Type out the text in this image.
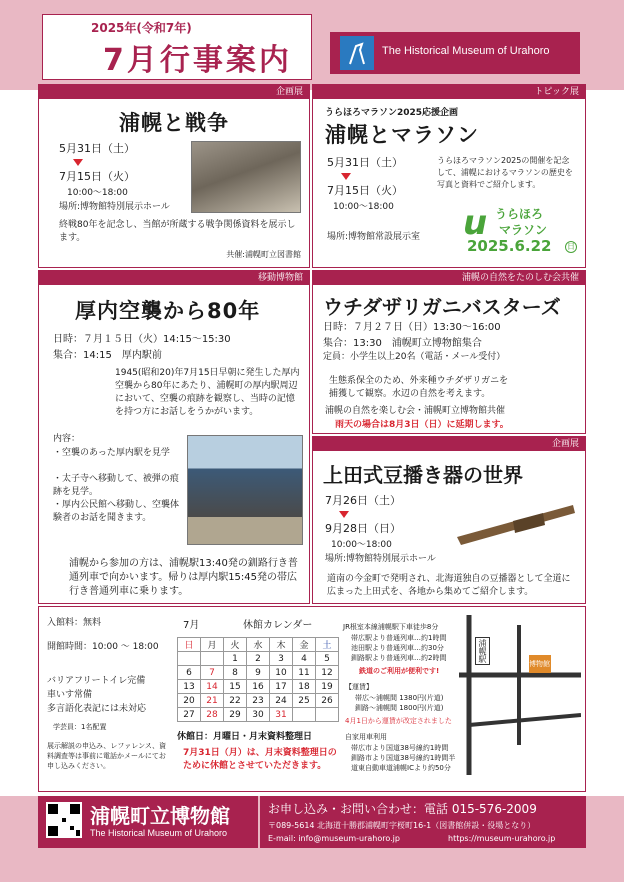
2025年(令和7年)
7月行事案内	The Historical Museum of Urahoro
企画展
浦幌と戦争
5月31日（土）
7月15日（火）
10:00～18:00
場所:博物館特別展示ホール
終戦80年を記念し、当館が所蔵する戦争関係資料を展示します。
共催:浦幌町立図書館
トピック展
うらほろマラソン2025応援企画
浦幌とマラソン
5月31日（土）
7月15日（火）
10:00～18:00
うらほろマラソン2025の開催を記念して、浦幌におけるマラソンの歴史を写真と資料でご紹介します。
場所:博物館常設展示室 u うらほろ
マラソン
2025.6.22 日
移動博物館
厚内空襲から80年
日時：７月１５日（火）14:15～15:30
集合：14:15　厚内駅前
1945(昭和20)年7月15日早朝に発生した厚内空襲から80年にあたり、浦幌町の厚内駅周辺において、空襲の痕跡を観察し、当時の記憶を持つ方にお話しをうかがいます。
内容：
・空襲のあった厚内駅を見学
・太子寺へ移動して、被弾の痕跡を見学。
・厚内公民館へ移動し、空襲体験者のお話を聞きます。
浦幌から参加の方は、浦幌駅13:40発の釧路行き普通列車で向かいます。帰りは厚内駅15:45発の帯広行き普通列車に乗ります。
浦幌の自然をたのしむ会共催
ウチダザリガニバスターズ
日時：７月２７日（日）13:30～16:00
集合：13:30　浦幌町立博物館集合
定員：小学生以上20名（電話・メール受付）
生態系保全のため、外来種ウチダザリガニを捕獲して観察。水辺の自然を考えます。
浦幌の自然を楽しむ会・浦幌町立博物館共催
雨天の場合は8月3日（日）に延期します。
企画展
上田式豆播き器の世界
7月26日（土）
9月28日（日）
10:00～18:00
場所:博物館特別展示ホール
道南の今金町で発明され、北海道独自の豆播器として全道に広まった上田式を、各地から集めてご紹介します。
入館料：無料
開館時間：10:00 ～ 18:00
バリアフリートイレ完備
車いす常備
多言語化表記には未対応
学芸員：1名配置
展示解説の申込み、レファレンス、資料調査等は事前に電話かメールにてお申し込みください。
7月	休館カレンダー
日	月	火	水	木	金	土
		1	2	3	4	5
6	7	8	9	10	11	12
13	14	15	16	17	18	19
20	21	22	23	24	25	26
27	28	29	30	31		
休館日：月曜日・月末資料整理日
7月31日（月）は、月末資料整理日のために休館とさせていただきます。
JR根室本線浦幌駅下車徒歩8分
帯広駅より普通列車…約1時間
池田駅より普通列車…約30分
釧路駅より普通列車…約2時間
鉄道のご利用が便利です!
【運賃】
帯広～浦幌間 1380円(片道)
釧路～浦幌間 1800円(片道)
4月1日から運賃が改定されました
自家用車利用
帯広市より国道38号線約1時間
釧路市より国道38号線約1時間半
道東自動車道浦幌ICより約50分
浦幌駅
博物館
浦幌町立博物館
The Historical Museum of Urahoro
お申し込み・お問い合わせ：電話 015-576-2009
〒089-5614 北海道十勝郡浦幌町字桜町16-1（図書館併設・役場となり）
E-mail: info@museum-urahoro.jp	https://museum-urahoro.jp
